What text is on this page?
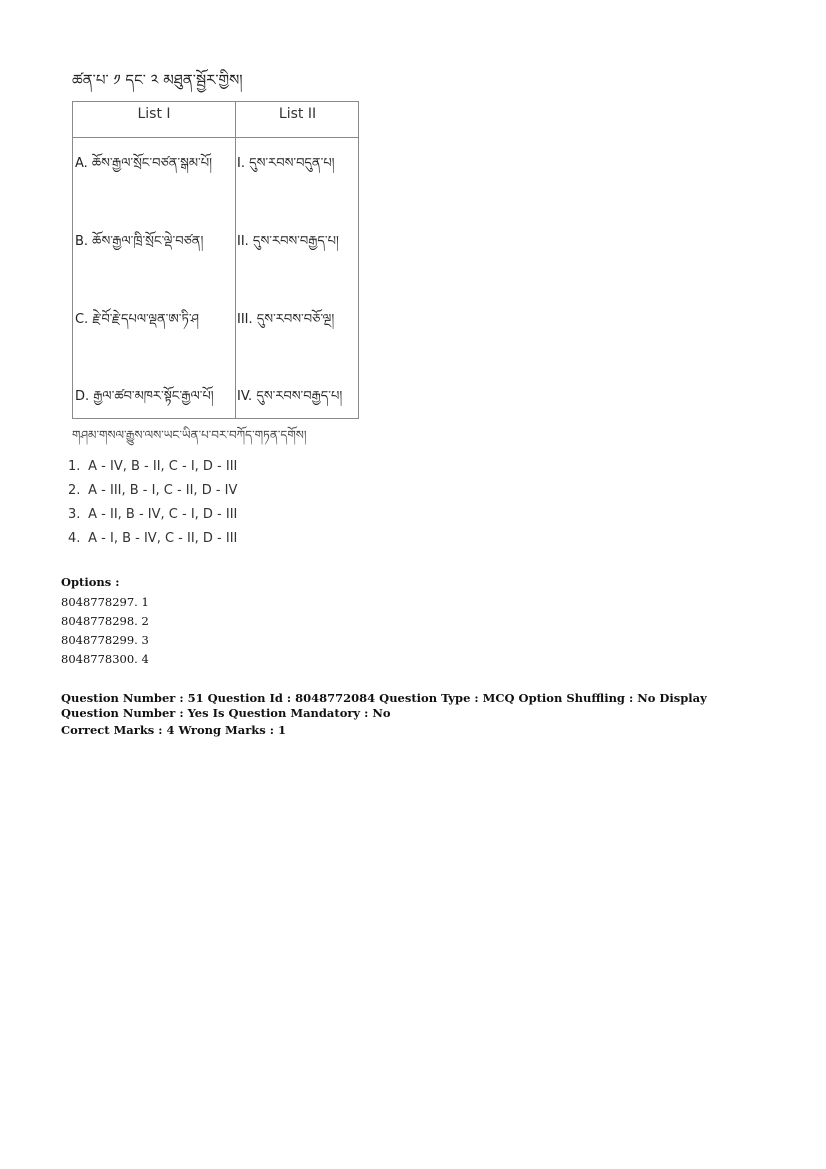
ཚན་པ་ ༡ དང་ ༢ མཐུན་སྦྱོར་གྱིས།
List I	List II
A. ཆོས་རྒྱལ་སྲོང་བཙན་སྒམ་པོ།	I. དུས་རབས་བདུན་པ།
B. ཆོས་རྒྱལ་ཁྲི་སྲོང་ལྡེ་བཙན།	II. དུས་རབས་བརྒྱད་པ།
C. རྗེ་བོ་རྗེ་དཔལ་ལྡན་ཨ་ཏི་ཤ	III. དུས་རབས་བཅོ་ལྔ།
D. རྒྱལ་ཚབ་མཁར་སྟོང་རྒྱལ་པོ།	IV. དུས་རབས་བརྒྱད་པ།
གཤམ་གསལ་རྒྱུས་ལས་ཡང་ཡིན་པ་བར་བཀོད་གཏན་དགོས།
1. A - IV, B - II, C - I, D - III
2. A - III, B - I, C - II, D - IV
3. A - II, B - IV, C - I, D - III
4. A - I, B - IV, C - II, D - III
Options :
8048778297. 1
8048778298. 2
8048778299. 3
8048778300. 4
Question Number : 51 Question Id : 8048772084 Question Type : MCQ Option Shuffling : No Display Question Number : Yes Is Question Mandatory : No
Correct Marks : 4 Wrong Marks : 1
